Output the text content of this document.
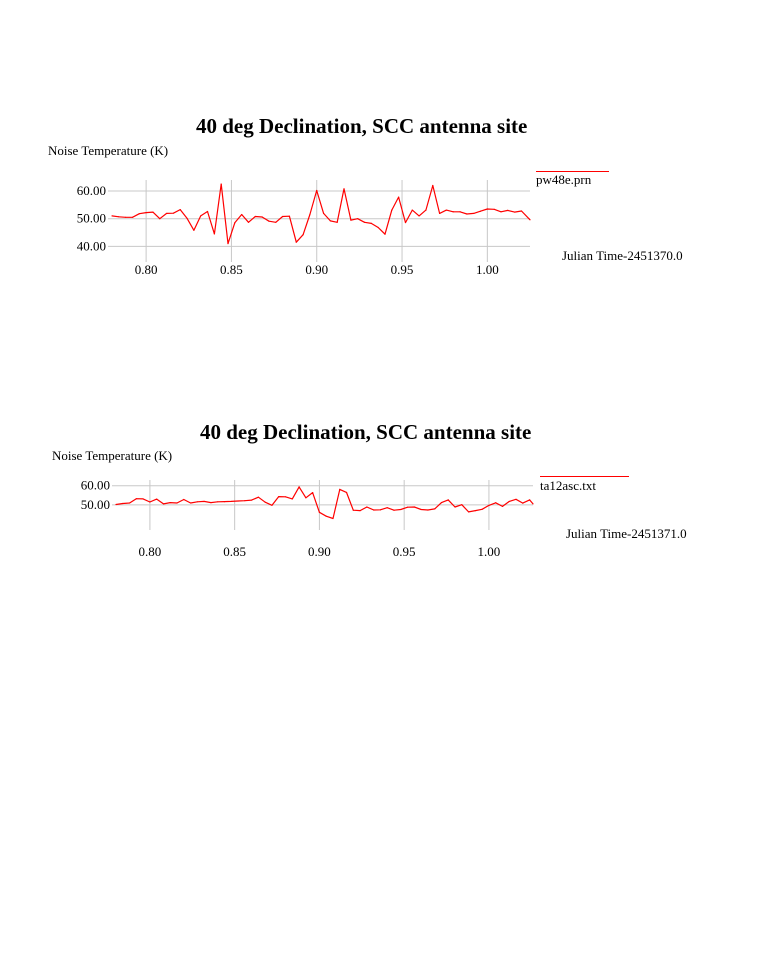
40 deg Declination, SCC antenna site
Noise Temperature (K)
0.80	0.85	0.90	0.95	1.00
40.00
50.00
60.00
pw48e.prn
Julian Time-2451370.0
40 deg Declination, SCC antenna site
Noise Temperature (K)
0.80	0.85	0.90	0.95	1.00
50.00
60.00	ta12asc.txt
Julian Time-2451371.0
